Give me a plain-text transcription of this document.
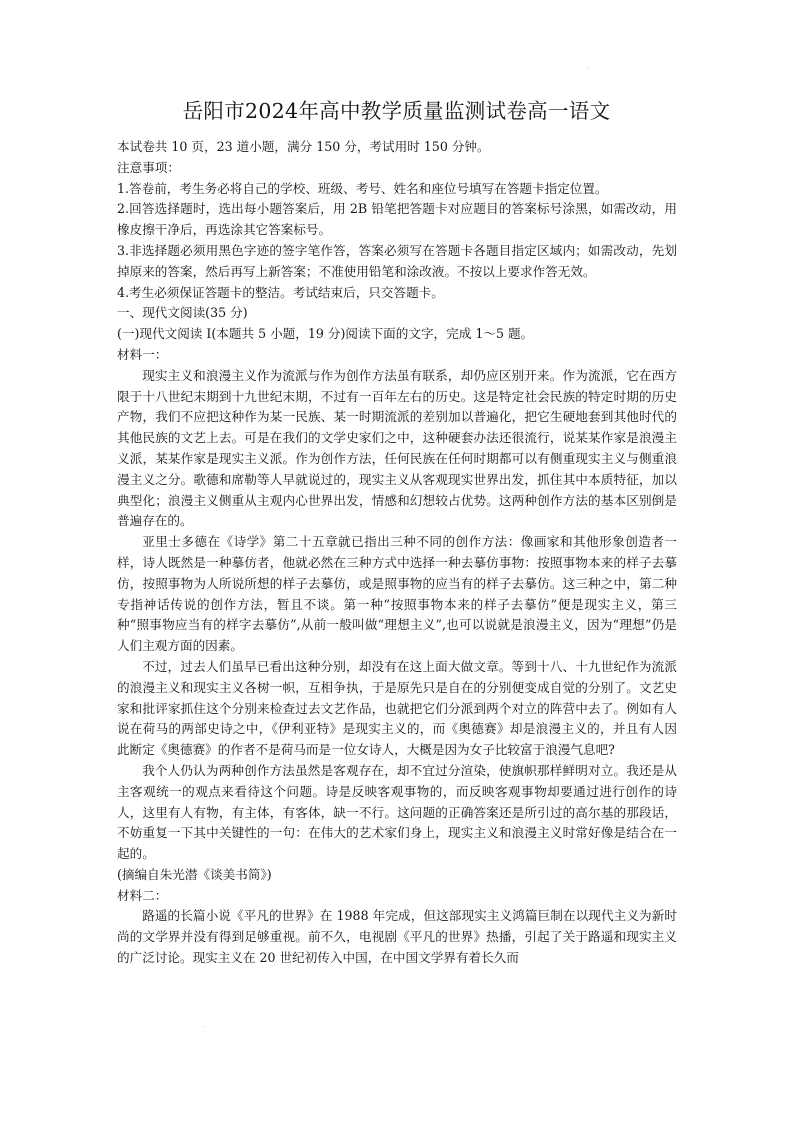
·
岳阳市2024年高中教学质量监测试卷高一语文

本试卷共 10 页，23 道小题，满分 150 分，考试用时 150 分钟。

注意事项：

1.答卷前，考生务必将自己的学校、班级、考号、姓名和座位号填写在答题卡指定位置。

2.回答选择题时，选出每小题答案后，用 2B 铅笔把答题卡对应题目的答案标号涂黑，如需改动，用橡皮擦干净后，再选涂其它答案标号。

3.非选择题必须用黑色字迹的签字笔作答，答案必须写在答题卡各题目指定区域内；如需改动，先划掉原来的答案，然后再写上新答案；不准使用铅笔和涂改液。不按以上要求作答无效。

4.考生必须保证答题卡的整洁。考试结束后，只交答题卡。

一、现代文阅读(35 分)

(一)现代文阅读 I(本题共 5 小题，19 分)阅读下面的文字，完成 1～5 题。

材料一：

现实主义和浪漫主义作为流派与作为创作方法虽有联系，却仍应区别开来。作为流派，它在西方限于十八世纪末期到十九世纪末期，不过有一百年左右的历史。这是特定社会民族的特定时期的历史产物，我们不应把这种作为某一民族、某一时期流派的差别加以普遍化，把它生硬地套到其他时代的其他民族的文艺上去。可是在我们的文学史家们之中，这种硬套办法还很流行，说某某作家是浪漫主义派，某某作家是现实主义派。作为创作方法，任何民族在任何时期都可以有侧重现实主义与侧重浪漫主义之分。歌德和席勒等人早就说过的，现实主义从客观现实世界出发，抓住其中本质特征，加以典型化；浪漫主义侧重从主观内心世界出发，情感和幻想较占优势。这两种创作方法的基本区别倒是普遍存在的。

亚里士多德在《诗学》第二十五章就已指出三种不同的创作方法：像画家和其他形象创造者一样，诗人既然是一种摹仿者，他就必然在三种方式中选择一种去摹仿事物：按照事物本来的样子去摹仿，按照事物为人所说所想的样子去摹仿，或是照事物的应当有的样子去摹仿。这三种之中，第二种专指神话传说的创作方法，暂且不谈。第一种“按照事物本来的样子去摹仿”便是现实主义，第三种“照事物应当有的样字去摹仿”,从前一般叫做“理想主义”,也可以说就是浪漫主义，因为“理想”仍是人们主观方面的因素。

不过，过去人们虽早已看出这种分别，却没有在这上面大做文章。等到十八、十九世纪作为流派的浪漫主义和现实主义各树一帜，互相争执，于是原先只是自在的分别便变成自觉的分别了。文艺史家和批评家抓住这个分别来检查过去文艺作品，也就把它们分派到两个对立的阵营中去了。例如有人说在荷马的两部史诗之中，《伊利亚特》是现实主义的，而《奥德赛》却是浪漫主义的，并且有人因此断定《奥德赛》的作者不是荷马而是一位女诗人，大概是因为女子比较富于浪漫气息吧?

我个人仍认为两种创作方法虽然是客观存在，却不宜过分渲染，使旗帜那样鲜明对立。我还是从主客观统一的观点来看待这个问题。诗是反映客观事物的，而反映客观事物却要通过进行创作的诗人，这里有人有物，有主体，有客体，缺一不行。这问题的正确答案还是所引过的高尔基的那段话，不妨重复一下其中关键性的一句：在伟大的艺术家们身上，现实主义和浪漫主义时常好像是结合在一起的。

(摘编自朱光潜《谈美书简》)

材料二：

路遥的长篇小说《平凡的世界》在 1988 年完成，但这部现实主义鸿篇巨制在以现代主义为新时尚的文学界并没有得到足够重视。前不久，电视剧《平凡的世界》热播，引起了关于路遥和现实主义的广泛讨论。现实主义在 20 世纪初传入中国，在中国文学界有着长久而

·
